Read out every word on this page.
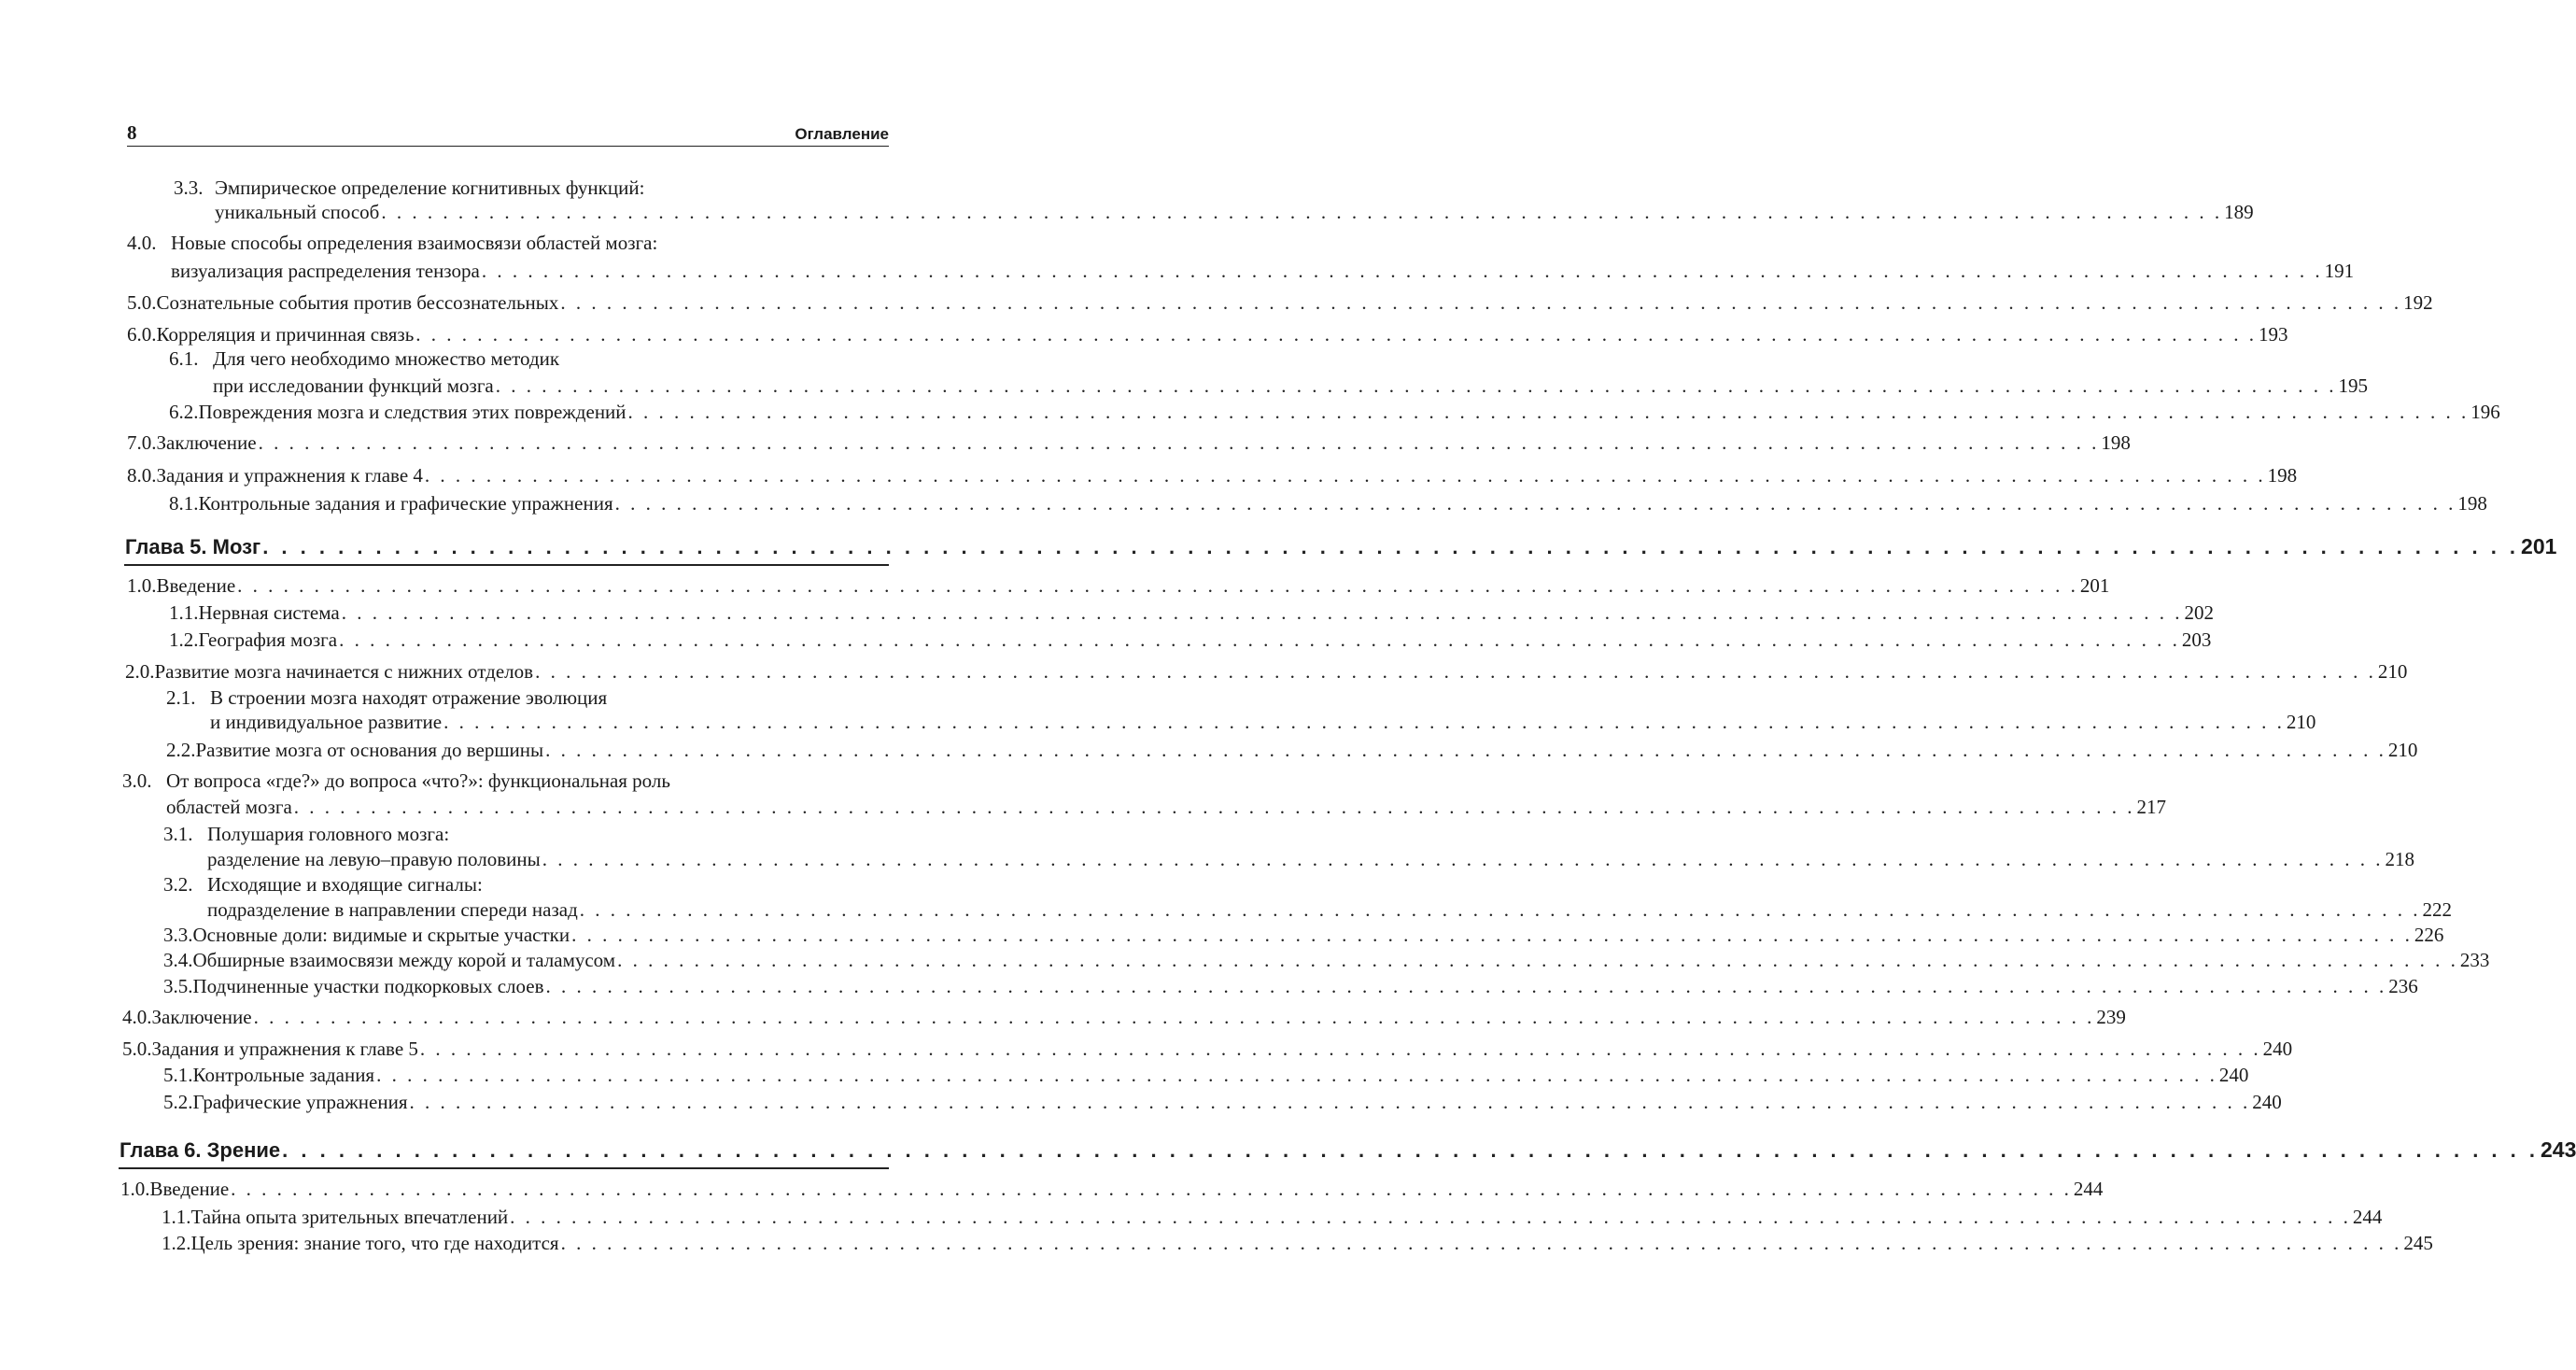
8	Оглавление
3.3. Эмпирическое определение когнитивных функций:
уникальный способ . . . . . . . . . . . . . . . . . . . . . . . . . . . . . . . . . . . . . . . . . . . . . . . . . . . . . . . . . . . . . . . . . . . . . . . . . . . . . . . . . . . . . . . . . . . . . . . . . . . . . . . . . . . . . . . . . . . . . . . . 189
4.0. Новые способы определения взаимосвязи областей мозга:
визуализация распределения тензора . . . . . . . . . . . . . . . . . . . . . . . . . . . . . . . . . . . . . . . . . . . . . . . . . . . . . . . . . . . . . . . . . . . . . . . . . . . . . . . . . . . . . . . . . . . . . . . . . . . . . . . . . . . . . . . . . . . . . . . . 191
5.0. Сознательные события против бессознательных . . . . . . . . . . . . . . . . . . . . . . . . . . . . . . . . . . . . . . . . . . . . . . . . . . . . . . . . . . . . . . . . . . . . . . . . . . . . . . . . . . . . . . . . . . . . . . . . . . . . . . . . . . . . . . . . . . . . . . . . 192
6.0. Корреляция и причинная связь . . . . . . . . . . . . . . . . . . . . . . . . . . . . . . . . . . . . . . . . . . . . . . . . . . . . . . . . . . . . . . . . . . . . . . . . . . . . . . . . . . . . . . . . . . . . . . . . . . . . . . . . . . . . . . . . . . . . . . . . 193
6.1. Для чего необходимо множество методик
при исследовании функций мозга . . . . . . . . . . . . . . . . . . . . . . . . . . . . . . . . . . . . . . . . . . . . . . . . . . . . . . . . . . . . . . . . . . . . . . . . . . . . . . . . . . . . . . . . . . . . . . . . . . . . . . . . . . . . . . . . . . . . . . . . 195
6.2. Повреждения мозга и следствия этих повреждений . . . . . . . . . . . . . . . . . . . . . . . . . . . . . . . . . . . . . . . . . . . . . . . . . . . . . . . . . . . . . . . . . . . . . . . . . . . . . . . . . . . . . . . . . . . . . . . . . . . . . . . . . . . . . . . . . . . . . . . . 196
7.0. Заключение . . . . . . . . . . . . . . . . . . . . . . . . . . . . . . . . . . . . . . . . . . . . . . . . . . . . . . . . . . . . . . . . . . . . . . . . . . . . . . . . . . . . . . . . . . . . . . . . . . . . . . . . . . . . . . . . . . . . . . . . 198
8.0. Задания и упражнения к главе 4 . . . . . . . . . . . . . . . . . . . . . . . . . . . . . . . . . . . . . . . . . . . . . . . . . . . . . . . . . . . . . . . . . . . . . . . . . . . . . . . . . . . . . . . . . . . . . . . . . . . . . . . . . . . . . . . . . . . . . . . . 198
8.1. Контрольные задания и графические упражнения . . . . . . . . . . . . . . . . . . . . . . . . . . . . . . . . . . . . . . . . . . . . . . . . . . . . . . . . . . . . . . . . . . . . . . . . . . . . . . . . . . . . . . . . . . . . . . . . . . . . . . . . . . . . . . . . . . . . . . . . 198
Глава 5. Мозг . . . . . . . . . . . . . . . . . . . . . . . . . . . . . . . . . . . . . . . . . . . . . . . . . . . . . . . . . . . . . . . . . . . . . . . . . . . . . . . . . . . . . . . . . . . . . . . . . . . . . . . . . . . . . . . . . . . . . . . . 201
1.0. Введение . . . . . . . . . . . . . . . . . . . . . . . . . . . . . . . . . . . . . . . . . . . . . . . . . . . . . . . . . . . . . . . . . . . . . . . . . . . . . . . . . . . . . . . . . . . . . . . . . . . . . . . . . . . . . . . . . . . . . . . . 201
1.1. Нервная система . . . . . . . . . . . . . . . . . . . . . . . . . . . . . . . . . . . . . . . . . . . . . . . . . . . . . . . . . . . . . . . . . . . . . . . . . . . . . . . . . . . . . . . . . . . . . . . . . . . . . . . . . . . . . . . . . . . . . . . . 202
1.2. География мозга . . . . . . . . . . . . . . . . . . . . . . . . . . . . . . . . . . . . . . . . . . . . . . . . . . . . . . . . . . . . . . . . . . . . . . . . . . . . . . . . . . . . . . . . . . . . . . . . . . . . . . . . . . . . . . . . . . . . . . . . 203
2.0. Развитие мозга начинается с нижних отделов . . . . . . . . . . . . . . . . . . . . . . . . . . . . . . . . . . . . . . . . . . . . . . . . . . . . . . . . . . . . . . . . . . . . . . . . . . . . . . . . . . . . . . . . . . . . . . . . . . . . . . . . . . . . . . . . . . . . . . . . 210
2.1. В строении мозга находят отражение эволюция
и индивидуальное развитие . . . . . . . . . . . . . . . . . . . . . . . . . . . . . . . . . . . . . . . . . . . . . . . . . . . . . . . . . . . . . . . . . . . . . . . . . . . . . . . . . . . . . . . . . . . . . . . . . . . . . . . . . . . . . . . . . . . . . . . . 210
2.2. Развитие мозга от основания до вершины . . . . . . . . . . . . . . . . . . . . . . . . . . . . . . . . . . . . . . . . . . . . . . . . . . . . . . . . . . . . . . . . . . . . . . . . . . . . . . . . . . . . . . . . . . . . . . . . . . . . . . . . . . . . . . . . . . . . . . . . 210
3.0. От вопроса «где?» до вопроса «что?»: функциональная роль
областей мозга . . . . . . . . . . . . . . . . . . . . . . . . . . . . . . . . . . . . . . . . . . . . . . . . . . . . . . . . . . . . . . . . . . . . . . . . . . . . . . . . . . . . . . . . . . . . . . . . . . . . . . . . . . . . . . . . . . . . . . . . 217
3.1. Полушария головного мозга:
разделение на левую–правую половины . . . . . . . . . . . . . . . . . . . . . . . . . . . . . . . . . . . . . . . . . . . . . . . . . . . . . . . . . . . . . . . . . . . . . . . . . . . . . . . . . . . . . . . . . . . . . . . . . . . . . . . . . . . . . . . . . . . . . . . . 218
3.2. Исходящие и входящие сигналы:
подразделение в направлении спереди назад . . . . . . . . . . . . . . . . . . . . . . . . . . . . . . . . . . . . . . . . . . . . . . . . . . . . . . . . . . . . . . . . . . . . . . . . . . . . . . . . . . . . . . . . . . . . . . . . . . . . . . . . . . . . . . . . . . . . . . . . 222
3.3. Основные доли: видимые и скрытые участки . . . . . . . . . . . . . . . . . . . . . . . . . . . . . . . . . . . . . . . . . . . . . . . . . . . . . . . . . . . . . . . . . . . . . . . . . . . . . . . . . . . . . . . . . . . . . . . . . . . . . . . . . . . . . . . . . . . . . . . . 226
3.4. Обширные взаимосвязи между корой и таламусом . . . . . . . . . . . . . . . . . . . . . . . . . . . . . . . . . . . . . . . . . . . . . . . . . . . . . . . . . . . . . . . . . . . . . . . . . . . . . . . . . . . . . . . . . . . . . . . . . . . . . . . . . . . . . . . . . . . . . . . . 233
3.5. Подчиненные участки подкорковых слоев . . . . . . . . . . . . . . . . . . . . . . . . . . . . . . . . . . . . . . . . . . . . . . . . . . . . . . . . . . . . . . . . . . . . . . . . . . . . . . . . . . . . . . . . . . . . . . . . . . . . . . . . . . . . . . . . . . . . . . . . 236
4.0. Заключение . . . . . . . . . . . . . . . . . . . . . . . . . . . . . . . . . . . . . . . . . . . . . . . . . . . . . . . . . . . . . . . . . . . . . . . . . . . . . . . . . . . . . . . . . . . . . . . . . . . . . . . . . . . . . . . . . . . . . . . . 239
5.0. Задания и упражнения к главе 5 . . . . . . . . . . . . . . . . . . . . . . . . . . . . . . . . . . . . . . . . . . . . . . . . . . . . . . . . . . . . . . . . . . . . . . . . . . . . . . . . . . . . . . . . . . . . . . . . . . . . . . . . . . . . . . . . . . . . . . . . 240
5.1. Контрольные задания . . . . . . . . . . . . . . . . . . . . . . . . . . . . . . . . . . . . . . . . . . . . . . . . . . . . . . . . . . . . . . . . . . . . . . . . . . . . . . . . . . . . . . . . . . . . . . . . . . . . . . . . . . . . . . . . . . . . . . . . 240
5.2. Графические упражнения . . . . . . . . . . . . . . . . . . . . . . . . . . . . . . . . . . . . . . . . . . . . . . . . . . . . . . . . . . . . . . . . . . . . . . . . . . . . . . . . . . . . . . . . . . . . . . . . . . . . . . . . . . . . . . . . . . . . . . . . 240
Глава 6. Зрение . . . . . . . . . . . . . . . . . . . . . . . . . . . . . . . . . . . . . . . . . . . . . . . . . . . . . . . . . . . . . . . . . . . . . . . . . . . . . . . . . . . . . . . . . . . . . . . . . . . . . . . . . . . . . . . . . . . . . . . . 243
1.0. Введение . . . . . . . . . . . . . . . . . . . . . . . . . . . . . . . . . . . . . . . . . . . . . . . . . . . . . . . . . . . . . . . . . . . . . . . . . . . . . . . . . . . . . . . . . . . . . . . . . . . . . . . . . . . . . . . . . . . . . . . . 244
1.1. Тайна опыта зрительных впечатлений . . . . . . . . . . . . . . . . . . . . . . . . . . . . . . . . . . . . . . . . . . . . . . . . . . . . . . . . . . . . . . . . . . . . . . . . . . . . . . . . . . . . . . . . . . . . . . . . . . . . . . . . . . . . . . . . . . . . . . . . 244
1.2. Цель зрения: знание того, что где находится . . . . . . . . . . . . . . . . . . . . . . . . . . . . . . . . . . . . . . . . . . . . . . . . . . . . . . . . . . . . . . . . . . . . . . . . . . . . . . . . . . . . . . . . . . . . . . . . . . . . . . . . . . . . . . . . . . . . . . . . 245
